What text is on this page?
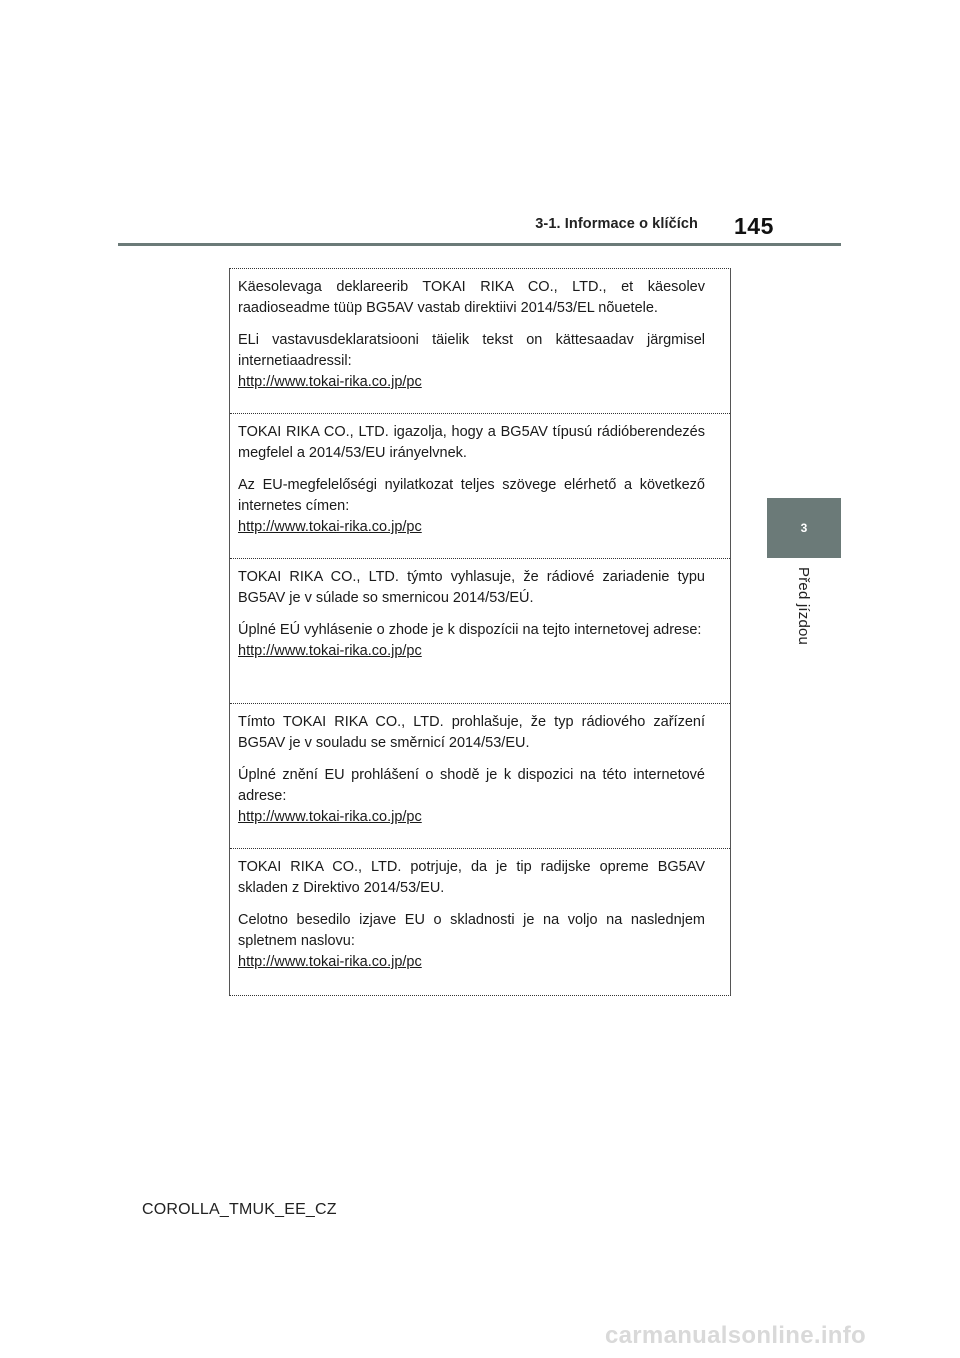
3-1. Informace o klíčích 145
3
Před jízdou

Käesolevaga deklareerib TOKAI RIKA CO., LTD., et käesolev raadioseadme tüüp BG5AV vastab direktiivi 2014/53/EL nõuetele.

ELi vastavusdeklaratsiooni täielik tekst on kättesaadav järgmisel internetiaadressil:

http://www.tokai-rika.co.jp/pc

TOKAI RIKA CO., LTD. igazolja, hogy a BG5AV típusú rádióberendezés megfelel a 2014/53/EU irányelvnek.

Az EU-megfelelőségi nyilatkozat teljes szövege elérhető a következő internetes címen:

http://www.tokai-rika.co.jp/pc

TOKAI RIKA CO., LTD. týmto vyhlasuje, že rádiové zariadenie typu BG5AV je v súlade so smernicou 2014/53/EÚ.

Úplné EÚ vyhlásenie o zhode je k dispozícii na tejto internetovej adrese:

http://www.tokai-rika.co.jp/pc

Tímto TOKAI RIKA CO., LTD. prohlašuje, že typ rádiového zařízení BG5AV je v souladu se směrnicí 2014/53/EU.

Úplné znění EU prohlášení o shodě je k dispozici na této internetové adrese:

http://www.tokai-rika.co.jp/pc

TOKAI RIKA CO., LTD. potrjuje, da je tip radijske opreme BG5AV skladen z Direktivo 2014/53/EU.

Celotno besedilo izjave EU o skladnosti je na voljo na naslednjem spletnem naslovu:

http://www.tokai-rika.co.jp/pc
COROLLA_TMUK_EE_CZ
carmanualsonline.info
